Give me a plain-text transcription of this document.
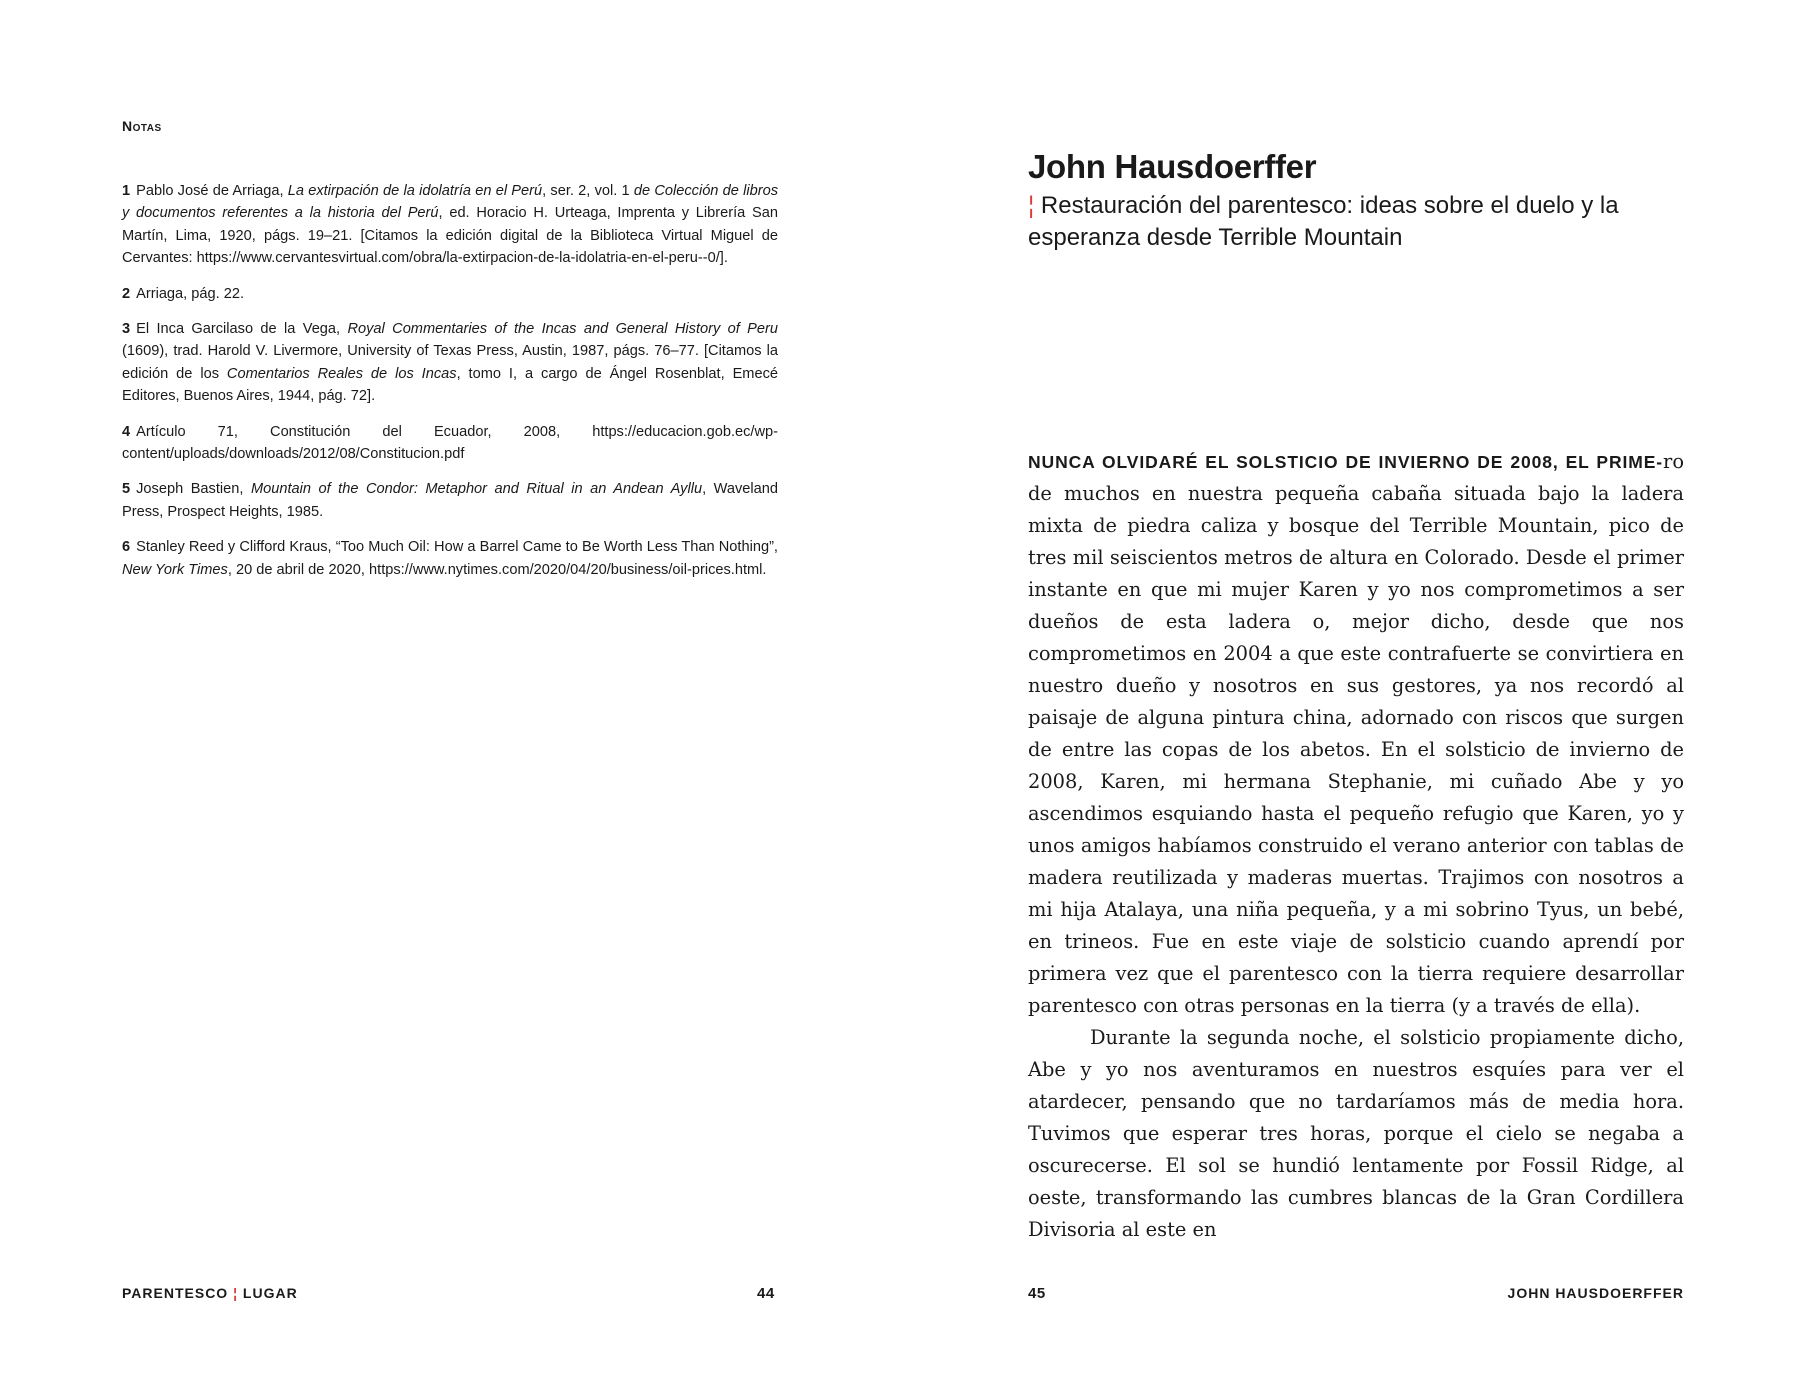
Notas

1 Pablo José de Arriaga, La extirpación de la idolatría en el Perú, ser. 2, vol. 1 de Colección de libros y documentos referentes a la historia del Perú, ed. Horacio H. Urteaga, Imprenta y Librería San Martín, Lima, 1920, págs. 19–21. [Citamos la edición digital de la Biblioteca Virtual Miguel de Cervantes: https://www.cervantesvirtual.com/obra/la-extirpacion-de-la-idolatria-en-el-peru--0/].

2 Arriaga, pág. 22.

3 El Inca Garcilaso de la Vega, Royal Commentaries of the Incas and General History of Peru (1609), trad. Harold V. Livermore, University of Texas Press, Austin, 1987, págs. 76–77. [Citamos la edición de los Comentarios Reales de los Incas, tomo I, a cargo de Ángel Rosenblat, Emecé Editores, Buenos Aires, 1944, pág. 72].

4 Artículo 71, Constitución del Ecuador, 2008, https://educacion.gob.ec/wp-content/uploads/downloads/2012/08/Constitucion.pdf

5 Joseph Bastien, Mountain of the Condor: Metaphor and Ritual in an Andean Ayllu, Waveland Press, Prospect Heights, 1985.

6 Stanley Reed y Clifford Kraus, “Too Much Oil: How a Barrel Came to Be Worth Less Than Nothing”, New York Times, 20 de abril de 2020, https://www.nytimes.com/2020/04/20/business/oil-prices.html.

PARENTESCO ¦ LUGAR	44
John Hausdoerffer
¦ Restauración del parentesco: ideas sobre el duelo y la esperanza desde Terrible Mountain

NUNCA OLVIDARÉ EL SOLSTICIO DE INVIERNO DE 2008, EL PRIME-ro de muchos en nuestra pequeña cabaña situada bajo la ladera mixta de piedra caliza y bosque del Terrible Mountain, pico de tres mil seiscientos metros de altura en Colorado. Desde el primer instante en que mi mujer Karen y yo nos comprometimos a ser dueños de esta ladera o, mejor dicho, desde que nos comprometimos en 2004 a que este contrafuerte se convirtiera en nuestro dueño y nosotros en sus gestores, ya nos recordó al paisaje de alguna pintura china, adornado con riscos que surgen de entre las copas de los abetos. En el solsticio de invierno de 2008, Karen, mi hermana Stephanie, mi cuñado Abe y yo ascendimos esquiando hasta el pequeño refugio que Karen, yo y unos amigos habíamos construido el verano anterior con tablas de madera reutilizada y maderas muertas. Trajimos con nosotros a mi hija Atalaya, una niña pequeña, y a mi sobrino Tyus, un bebé, en trineos. Fue en este viaje de solsticio cuando aprendí por primera vez que el parentesco con la tierra requiere desarrollar parentesco con otras personas en la tierra (y a través de ella).

Durante la segunda noche, el solsticio propiamente dicho, Abe y yo nos aventuramos en nuestros esquíes para ver el atardecer, pensando que no tardaríamos más de media hora. Tuvimos que esperar tres horas, porque el cielo se negaba a oscurecerse. El sol se hundió lentamente por Fossil Ridge, al oeste, transformando las cumbres blancas de la Gran Cordillera Divisoria al este en

45	JOHN HAUSDOERFFER
